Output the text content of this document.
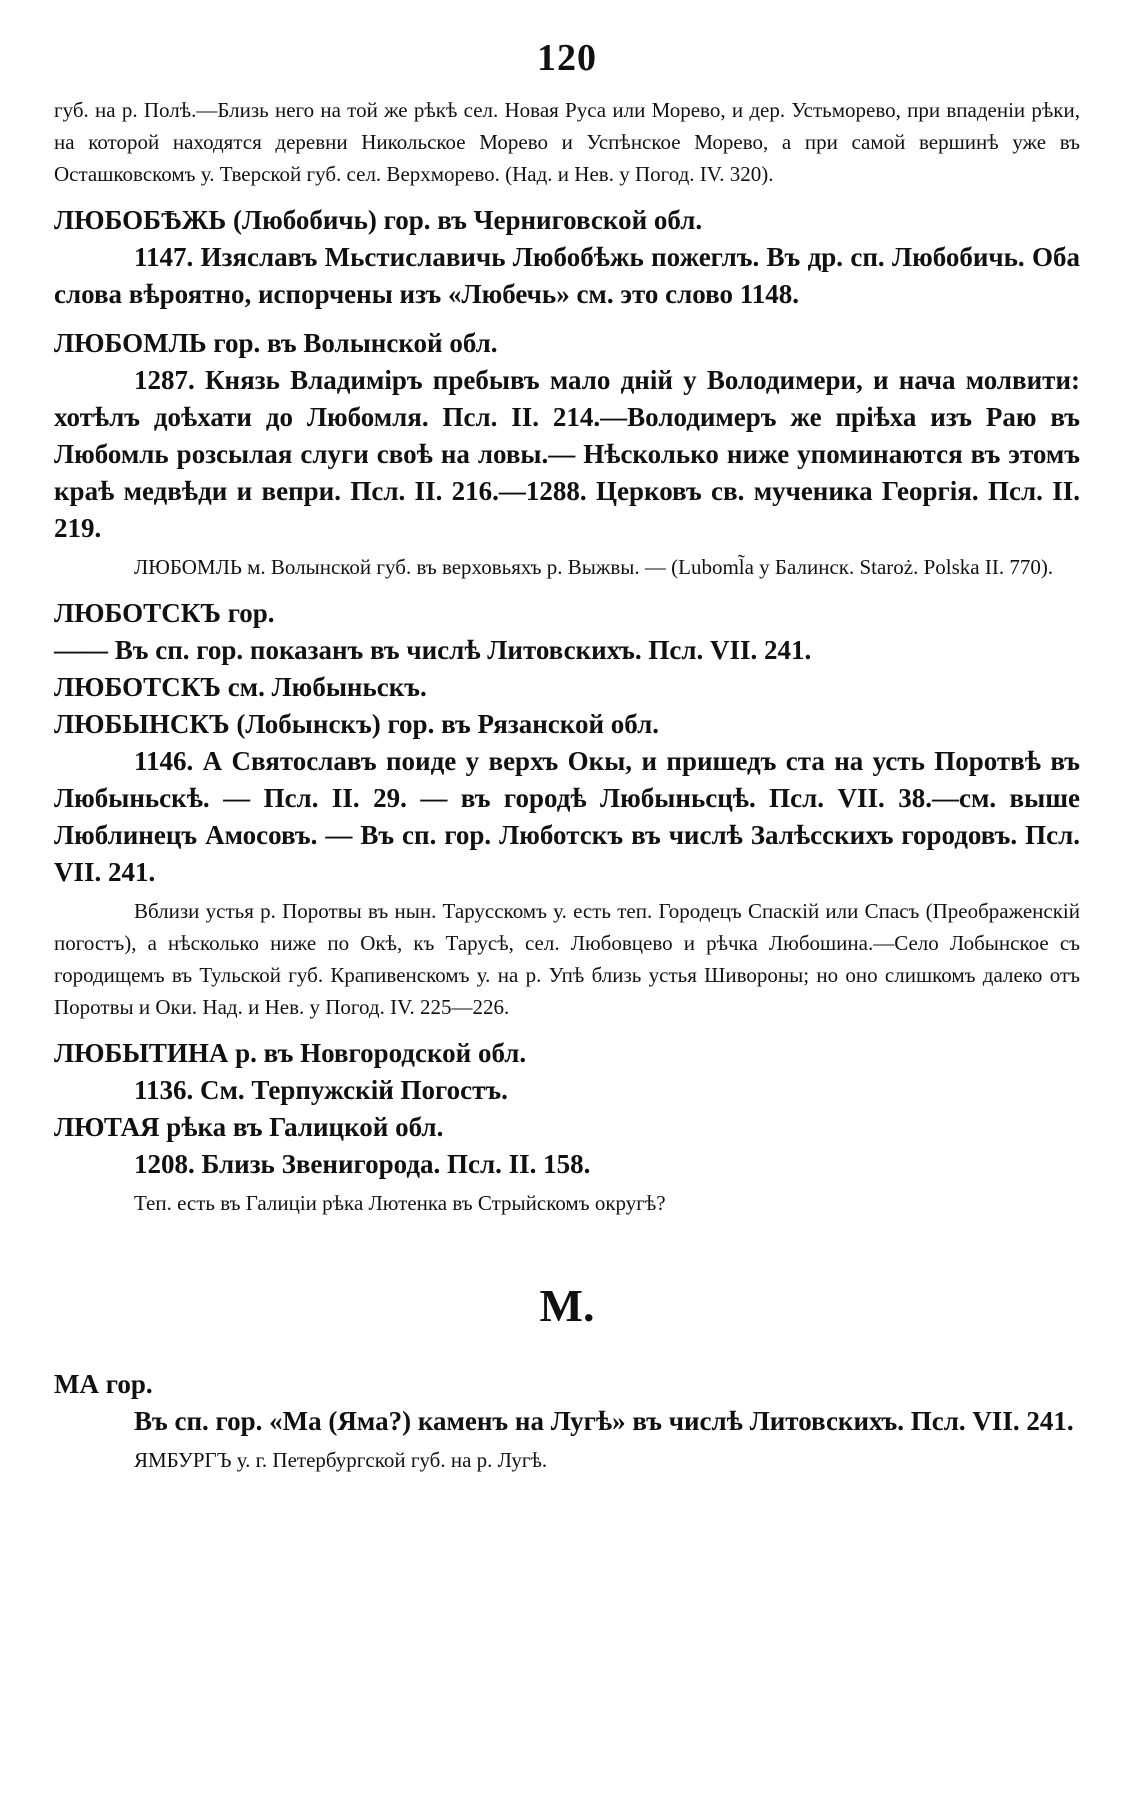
120

губ. на р. Полѣ.—Близь него на той же рѣкѣ сел. Новая Руса или Морево, и дер. Устьморево, при впаденіи рѣки, на которой находятся деревни Никольское Морево и Успѣнское Морево, а при самой вершинѣ уже въ Осташковскомъ у. Тверской губ. сел. Верхморево. (Над. и Нев. у Погод. IV. 320).

ЛЮБОБѢЖЬ (Любобичь) гор. въ Черниговской обл.

1147. Изяславъ Мьстиславичь Любобѣжь пожеглъ. Въ др. сп. Любобичь. Оба слова вѣроятно, испорчены изъ «Любечь» см. это слово 1148.

ЛЮБОМЛЬ гор. въ Волынской обл.

1287. Князь Владиміръ пребывъ мало дній у Володимери, и нача молвити: хотѣлъ доѣхати до Любомля. Псл. II. 214.—Володимеръ же пріѣха изъ Раю въ Любомль розсылая слуги своѣ на ловы.— Нѣсколько ниже упоминаются въ этомъ краѣ медвѣди и вепри. Псл. II. 216.—1288. Церковъ св. мученика Георгія. Псл. II. 219.

ЛЮБОМЛЬ м. Волынской губ. въ верховьяхъ р. Выжвы. — (Luboml̃a у Балинск. Staroż. Polska II. 770).

ЛЮБОТСКЪ гор.

—— Въ сп. гор. показанъ въ числѣ Литовскихъ. Псл. VII. 241.

ЛЮБОТСКЪ см. Любыньскъ.

ЛЮБЫНСКЪ (Лобынскъ) гор. въ Рязанской обл.

1146. А Святославъ поиде у верхъ Окы, и пришедъ ста на усть Поротвѣ въ Любыньскѣ. — Псл. II. 29. — въ городѣ Любыньсцѣ. Псл. VII. 38.—см. выше Люблинецъ Амосовъ. — Въ сп. гор. Люботскъ въ числѣ Залѣсскихъ городовъ. Псл. VII. 241.

Вблизи устья р. Поротвы въ нын. Тарусскомъ у. есть теп. Городецъ Спаскій или Спасъ (Преображенскій погостъ), а нѣсколько ниже по Окѣ, къ Тарусѣ, сел. Любовцево и рѣчка Любошина.—Село Лобынское съ городищемъ въ Тульской губ. Крапивенскомъ у. на р. Упѣ близь устья Шивороны; но оно слишкомъ далеко отъ Поротвы и Оки. Над. и Нев. у Погод. IV. 225—226.

ЛЮБЫТИНА р. въ Новгородской обл.

1136. См. Терпужскій Погостъ.

ЛЮТАЯ рѣка въ Галицкой обл.

1208. Близь Звенигорода. Псл. II. 158.

Теп. есть въ Галиціи рѣка Лютенка въ Стрыйскомъ округѣ?

М.

МА гор.

Въ сп. гор. «Ма (Яма?) каменъ на Лугѣ» въ числѣ Литовскихъ. Псл. VII. 241.

ЯМБУРГЪ у. г. Петербургской губ. на р. Лугѣ.
